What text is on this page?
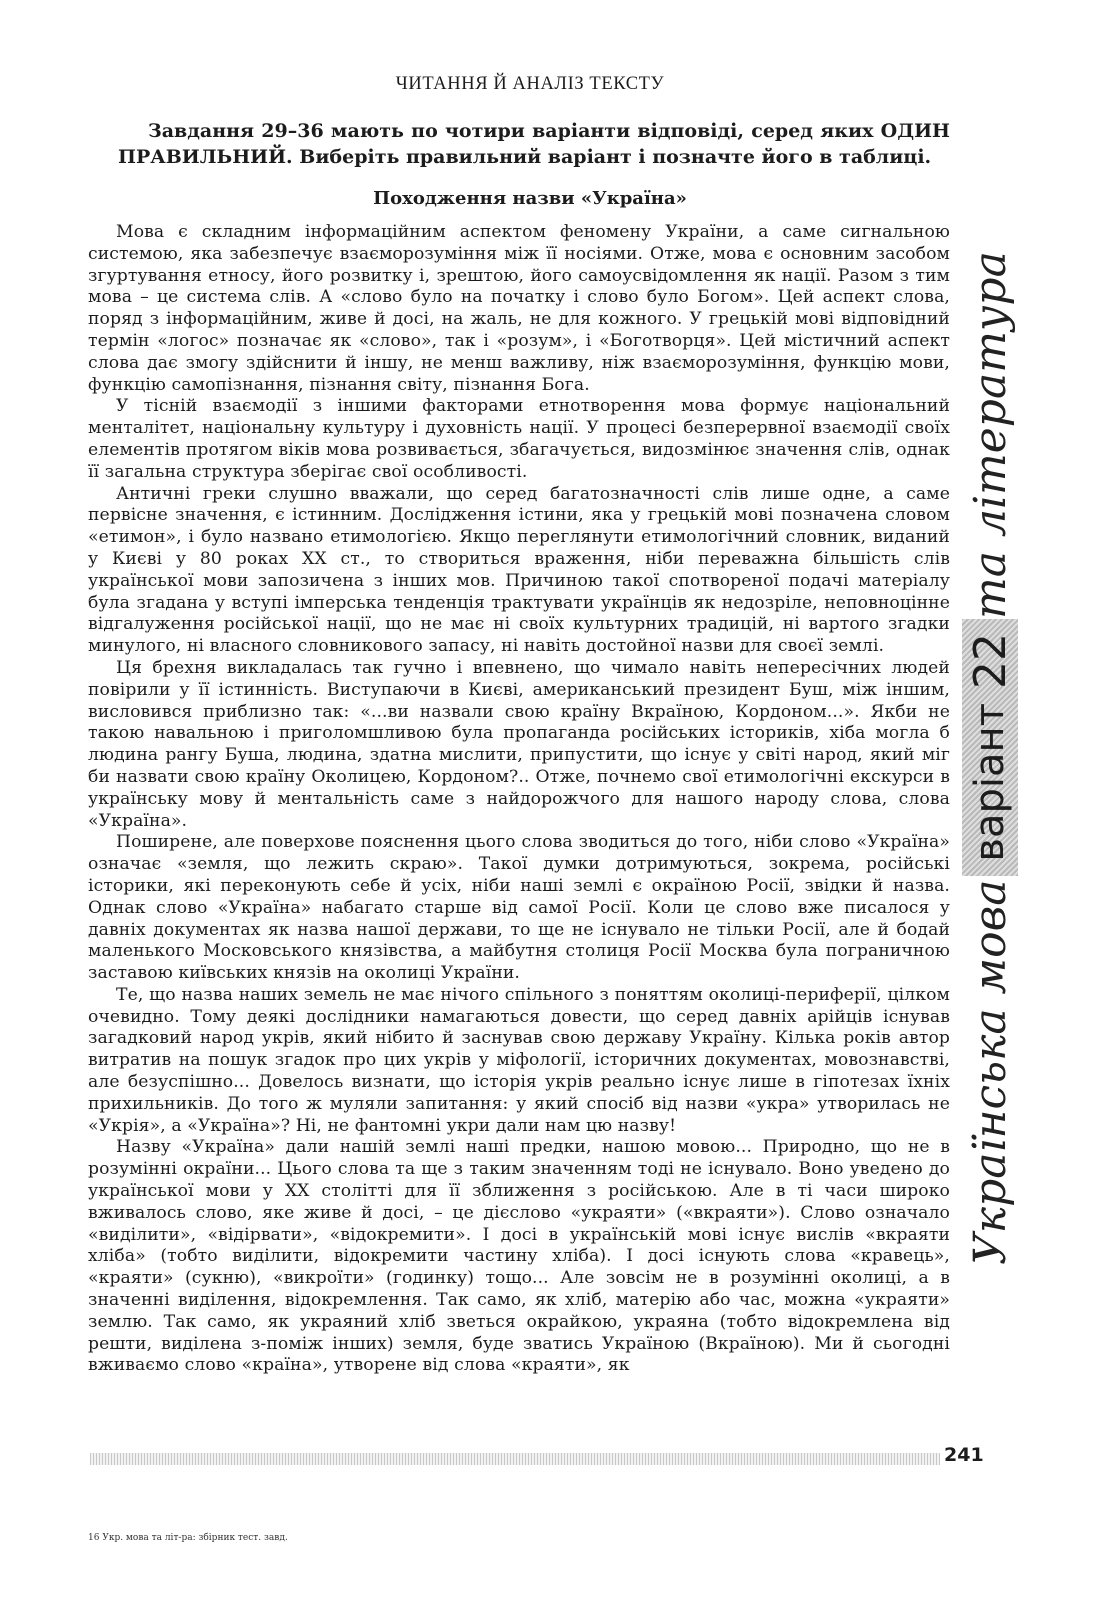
ЧИТАННЯ Й АНАЛІЗ ТЕКСТУ
Завдання 29–36 мають по чотири варіанти відповіді, серед яких ОДИН ПРАВИЛЬНИЙ. Виберіть правильний варіант і позначте його в таблиці.
Походження назви «Україна»

Мова є складним інформаційним аспектом феномену України, а саме сигнальною системою, яка забезпечує взаєморозуміння між її носіями. Отже, мова є основним засобом згуртування етносу, його розвитку і, зрештою, його самоусвідомлення як нації. Разом з тим мова – це система слів. А «слово було на початку і слово було Богом». Цей аспект слова, поряд з інформаційним, живе й досі, на жаль, не для кожного. У грецькій мові відповідний термін «логос» позначає як «слово», так і «розум», і «Боготворця». Цей містичний аспект слова дає змогу здійснити й іншу, не менш важливу, ніж взаєморозуміння, функцію мови, функцію самопізнання, пізнання світу, пізнання Бога.

У тісній взаємодії з іншими факторами етнотворення мова формує національний менталітет, національну культуру і духовність нації. У процесі безперервної взаємодії своїх елементів протягом віків мова розвивається, збагачується, видозмінює значення слів, однак її загальна структура зберігає свої особливості.

Античні греки слушно вважали, що серед багатозначності слів лише одне, а саме первісне значення, є істинним. Дослідження істини, яка у грецькій мові позначена словом «етимон», і було названо етимологією. Якщо переглянути етимологічний словник, виданий у Києві у 80 роках ХХ ст., то створиться враження, ніби переважна більшість слів української мови запозичена з інших мов. Причиною такої спотвореної подачі матеріалу була згадана у вступі імперська тенденція трактувати українців як недозріле, неповноцінне відгалуження російської нації, що не має ні своїх культурних традицій, ні вартого згадки минулого, ні власного словникового запасу, ні навіть достойної назви для своєї землі.

Ця брехня викладалась так гучно і впевнено, що чимало навіть непересічних людей повірили у її істинність. Виступаючи в Києві, американський президент Буш, між іншим, висловився приблизно так: «...ви назвали свою країну Вкраїною, Кордоном...». Якби не такою навальною і приголомшливою була пропаганда російських істориків, хіба могла б людина рангу Буша, людина, здатна мислити, припустити, що існує у світі народ, який міг би назвати свою країну Околицею, Кордоном?.. Отже, почнемо свої етимологічні екскурси в українську мову й ментальність саме з найдорожчого для нашого народу слова, слова «Україна».

Поширене, але поверхове пояснення цього слова зводиться до того, ніби слово «Україна» означає «земля, що лежить скраю». Такої думки дотримуються, зокрема, російські історики, які переконують себе й усіх, ніби наші землі є окраїною Росії, звідки й назва. Однак слово «Україна» набагато старше від самої Росії. Коли це слово вже писалося у давніх документах як назва нашої держави, то ще не існувало не тільки Росії, але й бодай маленького Московського князівства, а майбутня столиця Росії Москва була пограничною заставою київських князів на околиці України.

Те, що назва наших земель не має нічого спільного з поняттям околиці-периферії, цілком очевидно. Тому деякі дослідники намагаються довести, що серед давніх арійців існував загадковий народ укрів, який нібито й заснував свою державу Україну. Кілька років автор витратив на пошук згадок про цих укрів у міфології, історичних документах, мовознавстві, але безуспішно... Довелось визнати, що історія укрів реально існує лише в гіпотезах їхніх прихильників. До того ж муляли запитання: у який спосіб від назви «укра» утворилась не «Укрія», а «Україна»? Ні, не фантомні укри дали нам цю назву!

Назву «Україна» дали нашій землі наші предки, нашою мовою... Природно, що не в розумінні окраїни... Цього слова та ще з таким значенням тоді не існувало. Воно уведено до української мови у ХХ столітті для її зближення з російською. Але в ті часи широко вживалось слово, яке живе й досі, – це дієслово «украяти» («вкраяти»). Слово означало «виділити», «відірвати», «відокремити». І досі в українській мові існує вислів «вкраяти хліба» (тобто виділити, відокремити частину хліба). І досі існують слова «кравець», «краяти» (сукню), «викроїти» (годинку) тощо... Але зовсім не в розумінні околиці, а в значенні виділення, відокремлення. Так само, як хліб, матерію або час, можна «украяти» землю. Так само, як украяний хліб зветься окрайкою, украяна (тобто відокремлена від решти, виділена з-поміж інших) земля, буде зватись Україною (Вкраїною). Ми й сьогодні вживаємо слово «країна», утворене від слова «краяти», як

Українська мова
варіант
22
та література
241
16 Укр. мова та літ-ра: збірник тест. завд.
